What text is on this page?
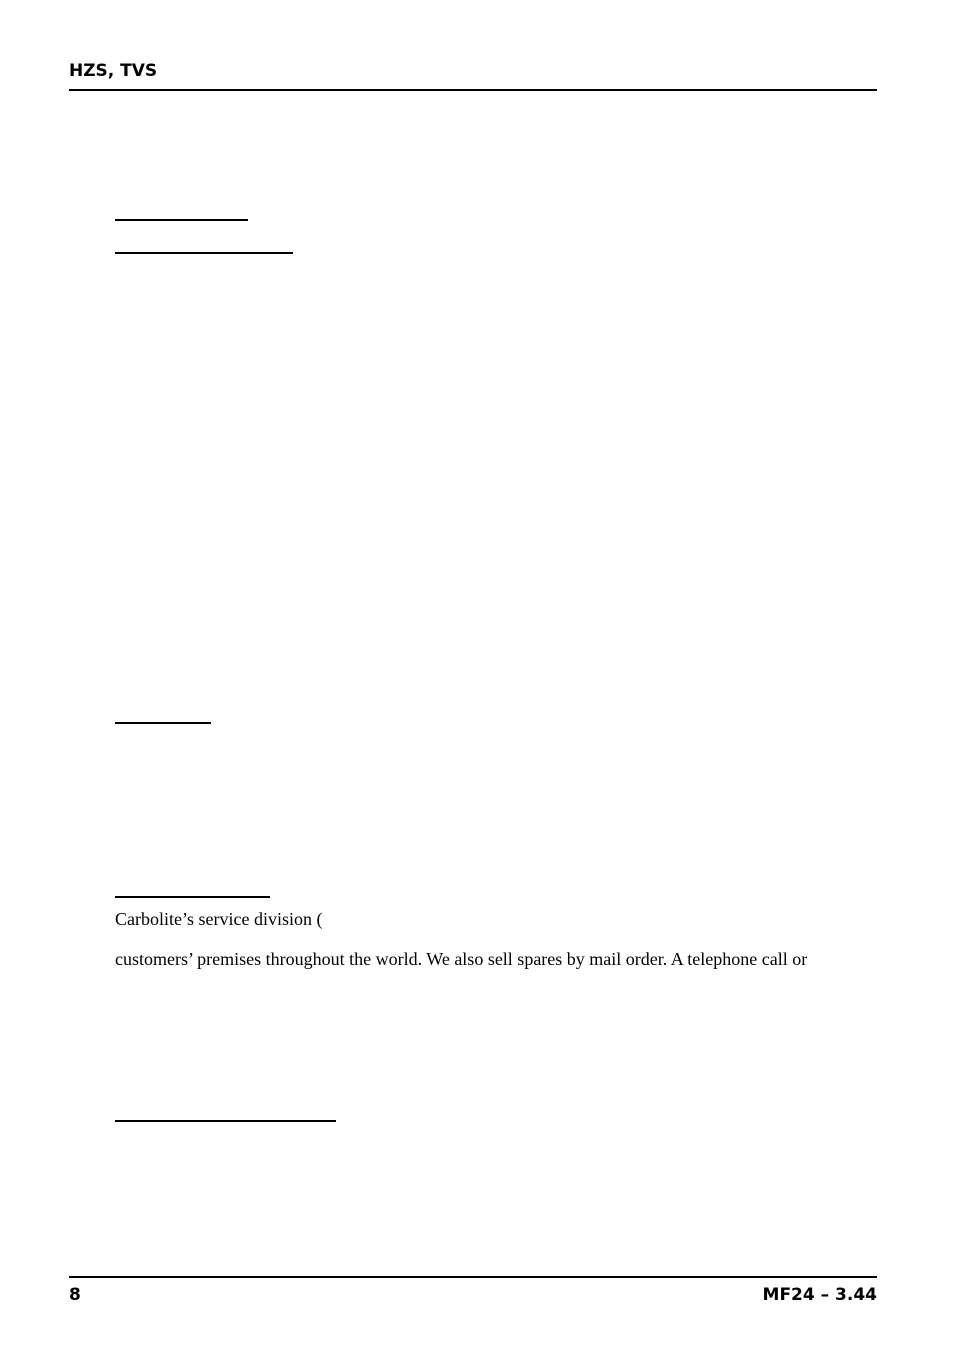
HZS, TVS
Carbolite’s service division (
customers’ premises throughout the world. We also sell spares by mail order. A telephone call or
8	MF24 – 3.44
